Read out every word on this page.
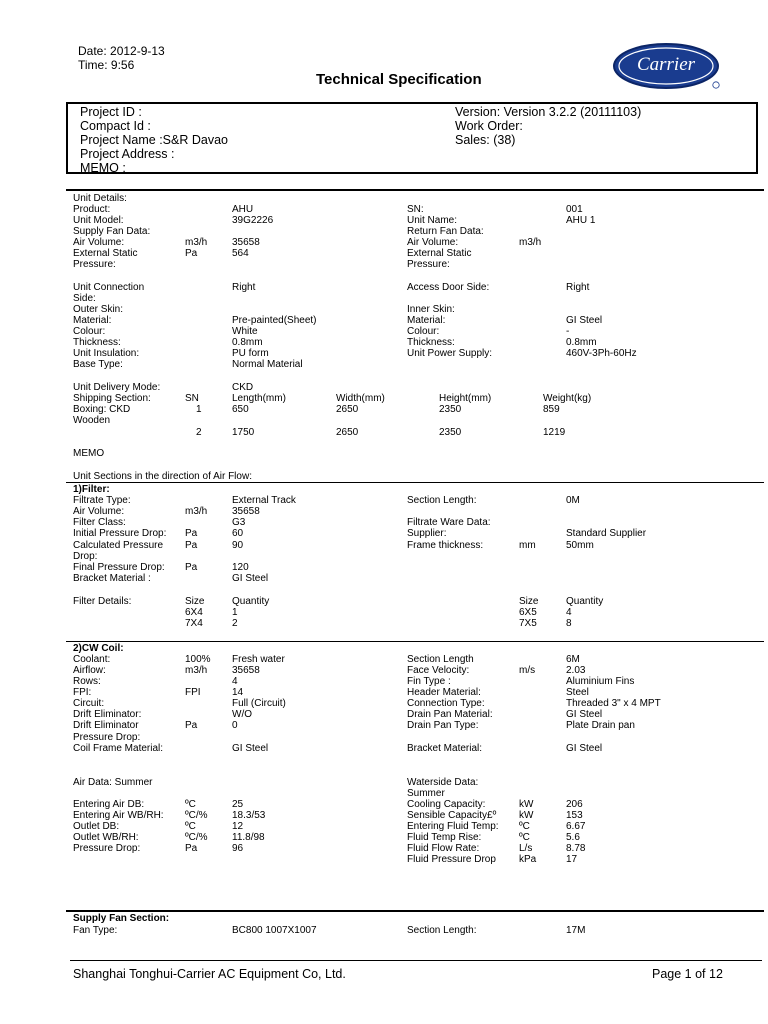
Date: 2012-9-13
Time: 9:56
Technical Specification
Carrier
Project ID :
Compact Id :
Project Name :S&R Davao
Project Address :
MEMO :
Version: Version 3.2.2 (20111103)
Work Order:
Sales: (38)
Unit Details:
Product:	AHU	SN:	001
Unit Model:	39G2226	Unit Name:	AHU 1
Supply Fan Data:	Return Fan Data:
Air Volume:	m3/h 35658	Air Volume:	m3/h
External Static	Pa	564	External Static
Pressure:	Pressure:
Unit Connection	Right	Access Door Side:	Right
Side:
Outer Skin:	Inner Skin:
Material:	Pre-painted(Sheet)	Material:	GI Steel
Colour:	White	Colour:	-
Thickness:	0.8mm	Thickness:	0.8mm
Unit Insulation:	PU form	Unit Power Supply:	460V-3Ph-60Hz
Base Type:	Normal Material
Unit Delivery Mode:	CKD
Shipping Section:	SN	Length(mm)	Width(mm)	Height(mm)	Weight(kg)
Boxing: CKD	1	650	2650	2350	859
Wooden
2	1750	2650	2350	1219
MEMO
Unit Sections in the direction of Air Flow:
Filtrate Type:	External Track	Section Length:	0M
Air Volume:	m3/h 35658
Filter Class:	G3	Filtrate Ware Data:
Initial Pressure Drop: Pa	60	Supplier:	Standard Supplier
Calculated Pressure Pa	90	Frame thickness:	mm	50mm
Drop:
Final Pressure Drop: Pa	120
Bracket Material :	GI Steel
Filter Details:	Size	Quantity	Size	Quantity
6X4	1	6X5	4
7X4	2	7X5	8
Coolant:	100% Fresh water	Section Length	6M
Airflow:	m3/h 35658	Face Velocity:	m/s	2.03
Rows:	4	Fin Type :	Aluminium Fins
FPI:	FPI	14	Header Material:	Steel
Circuit:	Full (Circuit)	Connection Type:	Threaded 3" x 4 MPT
Drift Eliminator:	W/O	Drain Pan Material:	GI Steel
Drift Eliminator	Pa	0	Drain Pan Type:	Plate Drain pan
Pressure Drop:
Coil Frame Material:	GI Steel	Bracket Material:	GI Steel
Air Data: Summer	Waterside Data:
Summer
Entering Air DB:	ºC	25	Cooling Capacity:	kW	206
Entering Air WB/RH: ºC/% 18.3/53	Sensible Capacity£º kW	153
Outlet DB:	ºC	12	Entering Fluid Temp: ºC	6.67
Outlet WB/RH:	ºC/% 11.8/98	Fluid Temp Rise:	ºC	5.6
Pressure Drop:	Pa	96	Fluid Flow Rate:	L/s	8.78
Fluid Pressure Drop kPa	17
Fan Type:	BC800 1007X1007	Section Length:	17M
1)Filter:
2)CW Coil:
Supply Fan Section:
Shanghai Tonghui-Carrier AC Equipment Co, Ltd.	Page 1 of 12
